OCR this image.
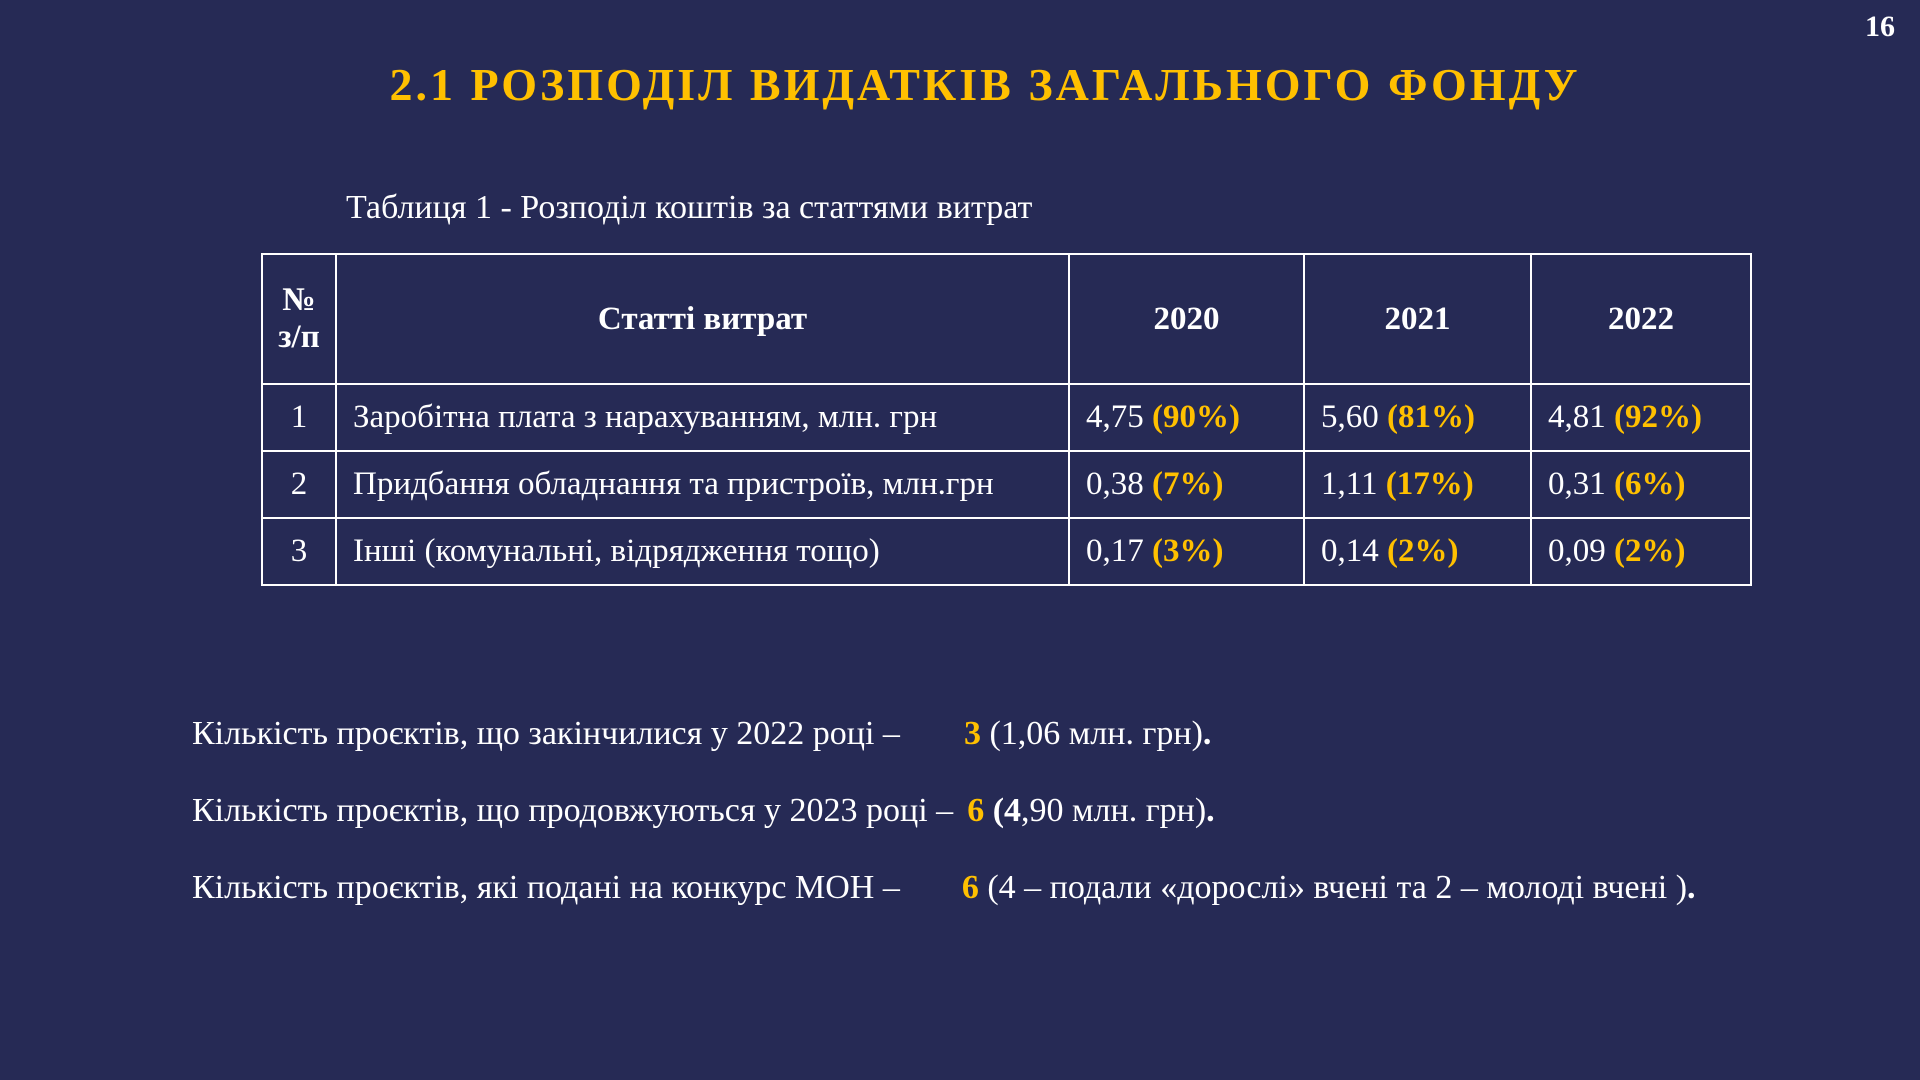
16
2.1 РОЗПОДІЛ ВИДАТКІВ ЗАГАЛЬНОГО ФОНДУ
Таблиця 1 - Розподіл коштів за статтями витрат
№
з/п	Статті витрат	2020	2021	2022
1	Заробітна плата з нарахуванням, млн. грн	4,75 (90%)	5,60 (81%)	4,81 (92%)
2	Придбання обладнання та пристроїв, млн.грн	0,38 (7%)	1,11 (17%)	0,31 (6%)
3	Інші (комунальні, відрядження тощо)	0,17 (3%)	0,14 (2%)	0,09 (2%)
Кількість проєктів, що закінчилися у 2022 році – 3 (1,06 млн. грн).
Кількість проєктів, що продовжуються у 2023 році – 6 (4,90 млн. грн).
Кількість проєктів, які подані на конкурс МОН – 6 (4 – подали «дорослі» вчені та 2 – молоді вчені ).
